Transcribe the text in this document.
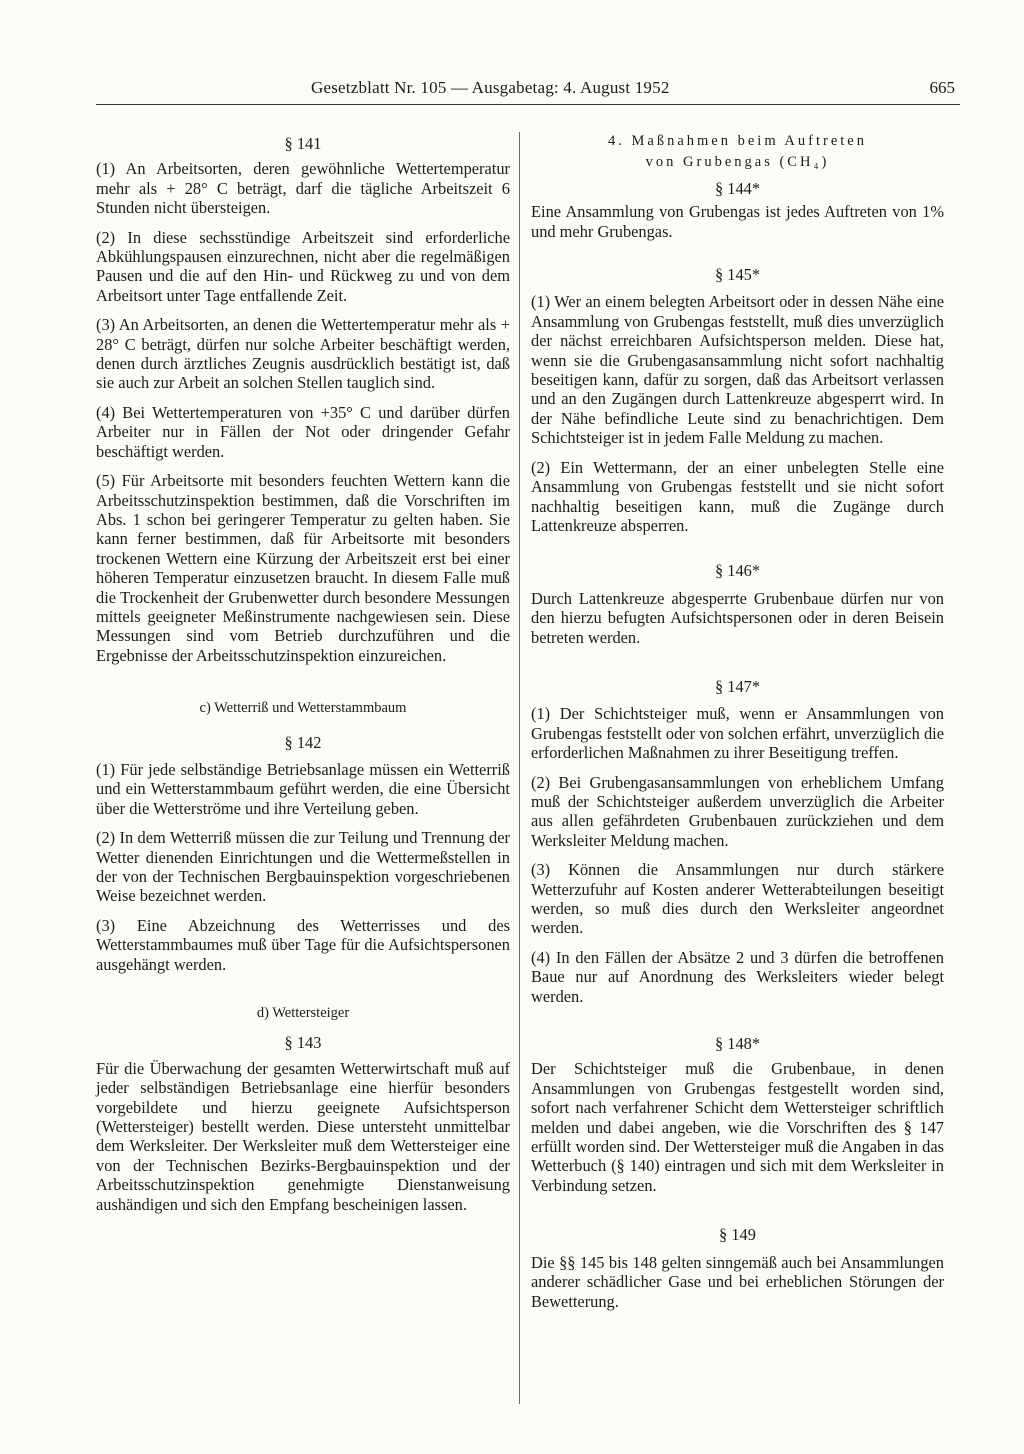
Gesetzblatt Nr. 105 — Ausgabetag: 4. August 1952	665

§ 141

(1) An Arbeitsorten, deren gewöhnliche Wettertemperatur mehr als + 28° C beträgt, darf die tägliche Arbeitszeit 6 Stunden nicht übersteigen.

(2) In diese sechsstündige Arbeitszeit sind erforderliche Abkühlungspausen einzurechnen, nicht aber die regelmäßigen Pausen und die auf den Hin- und Rückweg zu und von dem Arbeitsort unter Tage entfallende Zeit.

(3) An Arbeitsorten, an denen die Wettertemperatur mehr als + 28° C beträgt, dürfen nur solche Arbeiter beschäftigt werden, denen durch ärztliches Zeugnis ausdrücklich bestätigt ist, daß sie auch zur Arbeit an solchen Stellen tauglich sind.

(4) Bei Wettertemperaturen von +35° C und darüber dürfen Arbeiter nur in Fällen der Not oder dringender Gefahr beschäftigt werden.

(5) Für Arbeitsorte mit besonders feuchten Wettern kann die Arbeitsschutzinspektion bestimmen, daß die Vorschriften im Abs. 1 schon bei geringerer Temperatur zu gelten haben. Sie kann ferner bestimmen, daß für Arbeitsorte mit besonders trockenen Wettern eine Kürzung der Arbeitszeit erst bei einer höheren Temperatur einzusetzen braucht. In diesem Falle muß die Trockenheit der Grubenwetter durch besondere Messungen mittels geeigneter Meßinstrumente nachgewiesen sein. Diese Messungen sind vom Betrieb durchzuführen und die Ergebnisse der Arbeitsschutzinspektion einzureichen.

c) Wetterriß und Wetterstammbaum

§ 142

(1) Für jede selbständige Betriebsanlage müssen ein Wetterriß und ein Wetterstammbaum geführt werden, die eine Übersicht über die Wetterströme und ihre Verteilung geben.

(2) In dem Wetterriß müssen die zur Teilung und Trennung der Wetter dienenden Einrichtungen und die Wettermeßstellen in der von der Technischen Bergbauinspektion vorgeschriebenen Weise bezeichnet werden.

(3) Eine Abzeichnung des Wetterrisses und des Wetterstammbaumes muß über Tage für die Aufsichtspersonen ausgehängt werden.

d) Wettersteiger

§ 143

Für die Überwachung der gesamten Wetterwirtschaft muß auf jeder selbständigen Betriebsanlage eine hierfür besonders vorgebildete und hierzu geeignete Aufsichtsperson (Wettersteiger) bestellt werden. Diese untersteht unmittelbar dem Werksleiter. Der Werksleiter muß dem Wettersteiger eine von der Technischen Bezirks-Bergbauinspektion und der Arbeitsschutzinspektion genehmigte Dienstanweisung aushändigen und sich den Empfang bescheinigen lassen.

4. Maßnahmen beim Auftreten

von Grubengas (CH₄)

§ 144*

Eine Ansammlung von Grubengas ist jedes Auftreten von 1% und mehr Grubengas.

§ 145*

(1) Wer an einem belegten Arbeitsort oder in dessen Nähe eine Ansammlung von Grubengas feststellt, muß dies unverzüglich der nächst erreichbaren Aufsichtsperson melden. Diese hat, wenn sie die Grubengasansammlung nicht sofort nachhaltig beseitigen kann, dafür zu sorgen, daß das Arbeitsort verlassen und an den Zugängen durch Lattenkreuze abgesperrt wird. In der Nähe befindliche Leute sind zu benachrichtigen. Dem Schichtsteiger ist in jedem Falle Meldung zu machen.

(2) Ein Wettermann, der an einer unbelegten Stelle eine Ansammlung von Grubengas feststellt und sie nicht sofort nachhaltig beseitigen kann, muß die Zugänge durch Lattenkreuze absperren.

§ 146*

Durch Lattenkreuze abgesperrte Grubenbaue dürfen nur von den hierzu befugten Aufsichtspersonen oder in deren Beisein betreten werden.

§ 147*

(1) Der Schichtsteiger muß, wenn er Ansammlungen von Grubengas feststellt oder von solchen erfährt, unverzüglich die erforderlichen Maßnahmen zu ihrer Beseitigung treffen.

(2) Bei Grubengasansammlungen von erheblichem Umfang muß der Schichtsteiger außerdem unverzüglich die Arbeiter aus allen gefährdeten Grubenbauen zurückziehen und dem Werksleiter Meldung machen.

(3) Können die Ansammlungen nur durch stärkere Wetterzufuhr auf Kosten anderer Wetterabteilungen beseitigt werden, so muß dies durch den Werksleiter angeordnet werden.

(4) In den Fällen der Absätze 2 und 3 dürfen die betroffenen Baue nur auf Anordnung des Werksleiters wieder belegt werden.

§ 148*

Der Schichtsteiger muß die Grubenbaue, in denen Ansammlungen von Grubengas festgestellt worden sind, sofort nach verfahrener Schicht dem Wettersteiger schriftlich melden und dabei angeben, wie die Vorschriften des § 147 erfüllt worden sind. Der Wettersteiger muß die Angaben in das Wetterbuch (§ 140) eintragen und sich mit dem Werksleiter in Verbindung setzen.

§ 149

Die §§ 145 bis 148 gelten sinngemäß auch bei Ansammlungen anderer schädlicher Gase und bei erheblichen Störungen der Bewetterung.
